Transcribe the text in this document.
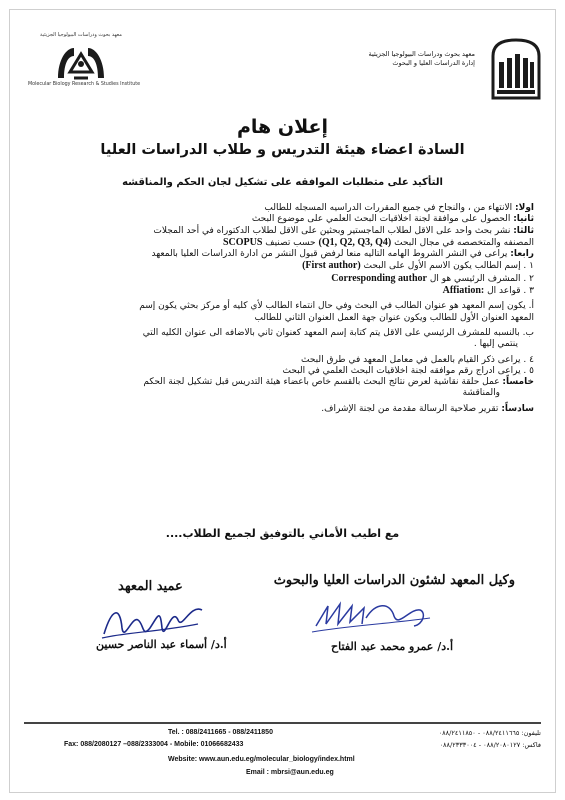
معهد بحوث ودراسات البيولوجيا الجزيئية
Molecular Biology Research & Studies Institute
معهد بحوث ودراسات البيولوجيا الجزيئية
إدارة الدراسات العليا و البحوث
إعلان هام
السادة اعضاء هيئة التدريس و طلاب الدراسات العليا
التأكيد على متطلبات الموافقه على تشكيل لجان الحكم والمناقشه

اولا: الانتهاء من ، والنجاح في جميع المقررات الدراسيه المسجله للطالب

ثانيا: الحصول على موافقة لجنة اخلاقيات البحث العلمي على موضوع البحث

ثالثا: نشر بحث واحد على الاقل لطلاب الماجستير وبحثين على الاقل لطلاب الدكتوراه في أحد المجلات

المصنفه والمتخصصه في مجال البحث (Q1, Q2, Q3, Q4) حسب تصنيف SCOPUS

رابعا: يراعى في النشر الشروط الهامه التاليه منعا لرفض قبول النشر من ادارة الدراسات العليا بالمعهد

١ . إسم الطالب يكون الاسم الأول على البحث (First author)

٢ . المشرف الرئيسي هو ال Corresponding author

٣ . قواعد ال Affiation:

أ. يكون إسم المعهد هو عنوان الطالب في البحث وفي حال انتماء الطالب لأي كليه أو مركز بحثي يكون إسم

المعهد العنوان الأول للطالب ويكون عنوان جهة العمل العنوان الثاني للطالب

ب. بالنسبه للمشرف الرئيسي على الاقل يتم كتابة إسم المعهد كعنوان ثاني بالاضافه الى عنوان الكليه التي

ينتمي إليها .

٤ . يراعى ذكر القيام بالعمل في معامل المعهد في طرق البحث

٥ . يراعى ادراج رقم موافقه لجنة اخلاقيات البحث العلمي في البحث

خامساً: عمل حلقة نقاشية لعرض نتائج البحث بالقسم خاص باعضاء هيئة التدريس قبل تشكيل لجنة الحكم

والمناقشة

سادساً: تقرير صلاحية الرسالة مقدمة من لجنة الإشراف.

مع اطيب الأماني بالتوفيق لجميع الطلاب....
وكيل المعهد لشئون الدراسات العليا والبحوث
عميد المعهد
أ.د/ أسماء عبد الناصر حسين	أ.د/ عمرو محمد عبد الفتاح
Tel. : 088/2411665 - 088/2411850
Fax: 088/2080127 –088/2333004 - Mobile: 01066682433
Website: www.aun.edu.eg/molecular_biology/index.html
Email : mbrsi@aun.edu.eg
تليفون: ٠٨٨/٢٤١١٦٦٥ - ٠٨٨/٢٤١١٨٥٠
فاكس: ٠٨٨/٢٠٨٠١٢٧ - ٠٨٨/٢٣٣٣٠٠٤
